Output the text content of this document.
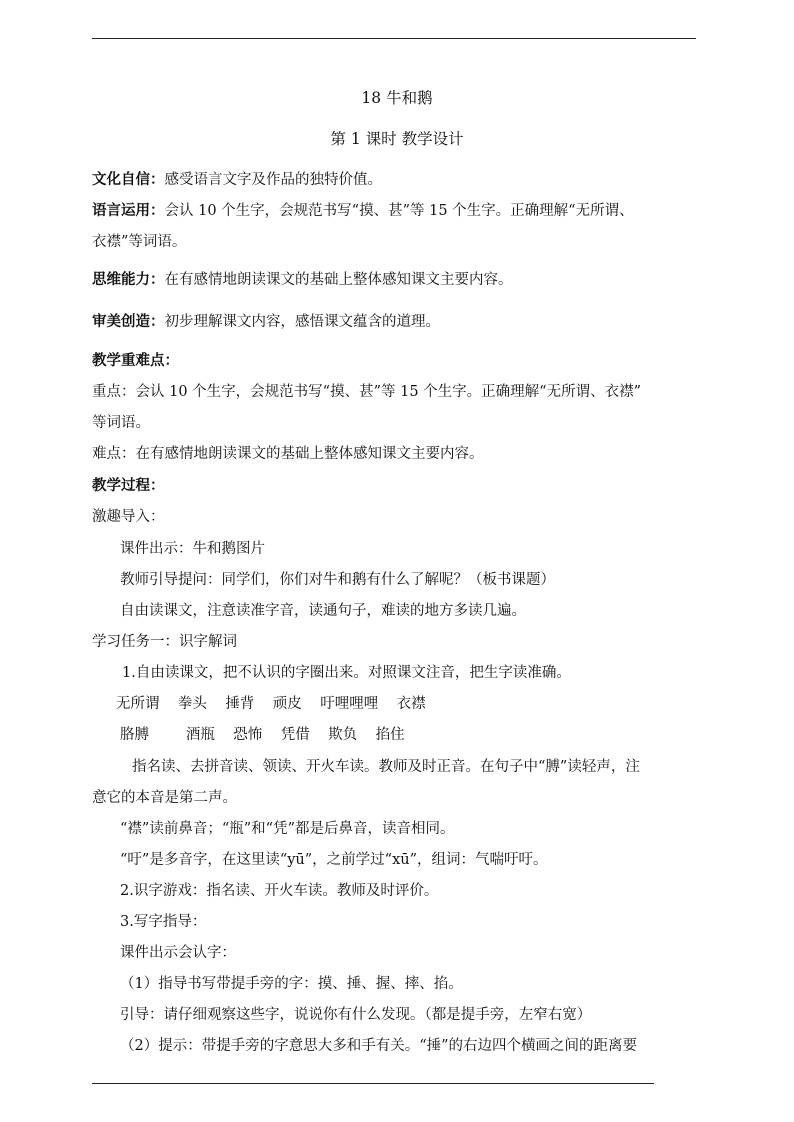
18 牛和鹅
第 1 课时 教学设计
文化自信：感受语言文字及作品的独特价值。
语言运用：会认 10 个生字，会规范书写“摸、甚”等 15 个生字。正确理解“无所谓、
衣襟”等词语。
思维能力：在有感情地朗读课文的基础上整体感知课文主要内容。
审美创造：初步理解课文内容，感悟课文蕴含的道理。
教学重难点：
重点：会认 10 个生字，会规范书写“摸、甚”等 15 个生字。正确理解“无所谓、衣襟”
等词语。
难点：在有感情地朗读课文的基础上整体感知课文主要内容。
教学过程：
激趣导入：
课件出示：牛和鹅图片
教师引导提问：同学们，你们对牛和鹅有什么了解呢？（板书课题）
自由读课文，注意读准字音，读通句子，难读的地方多读几遍。
学习任务一：识字解词
1.自由读课文，把不认识的字圈出来。对照课文注音，把生字读准确。
无所谓    拳头    捶背    顽皮    吁哩哩哩    衣襟
胳膊        酒瓶    恐怖    凭借    欺负    掐住
指名读、去拼音读、领读、开火车读。教师及时正音。在句子中“膊”读轻声，注
意它的本音是第二声。
“襟”读前鼻音；“瓶”和“凭”都是后鼻音，读音相同。
“吁”是多音字，在这里读“yū”，之前学过“xū”，组词：气喘吁吁。
2.识字游戏：指名读、开火车读。教师及时评价。
3.写字指导：
课件出示会认字：
（1）指导书写带提手旁的字：摸、捶、握、摔、掐。
引导：请仔细观察这些字，说说你有什么发现。（都是提手旁，左窄右宽）
（2）提示：带提手旁的字意思大多和手有关。“捶”的右边四个横画之间的距离要
